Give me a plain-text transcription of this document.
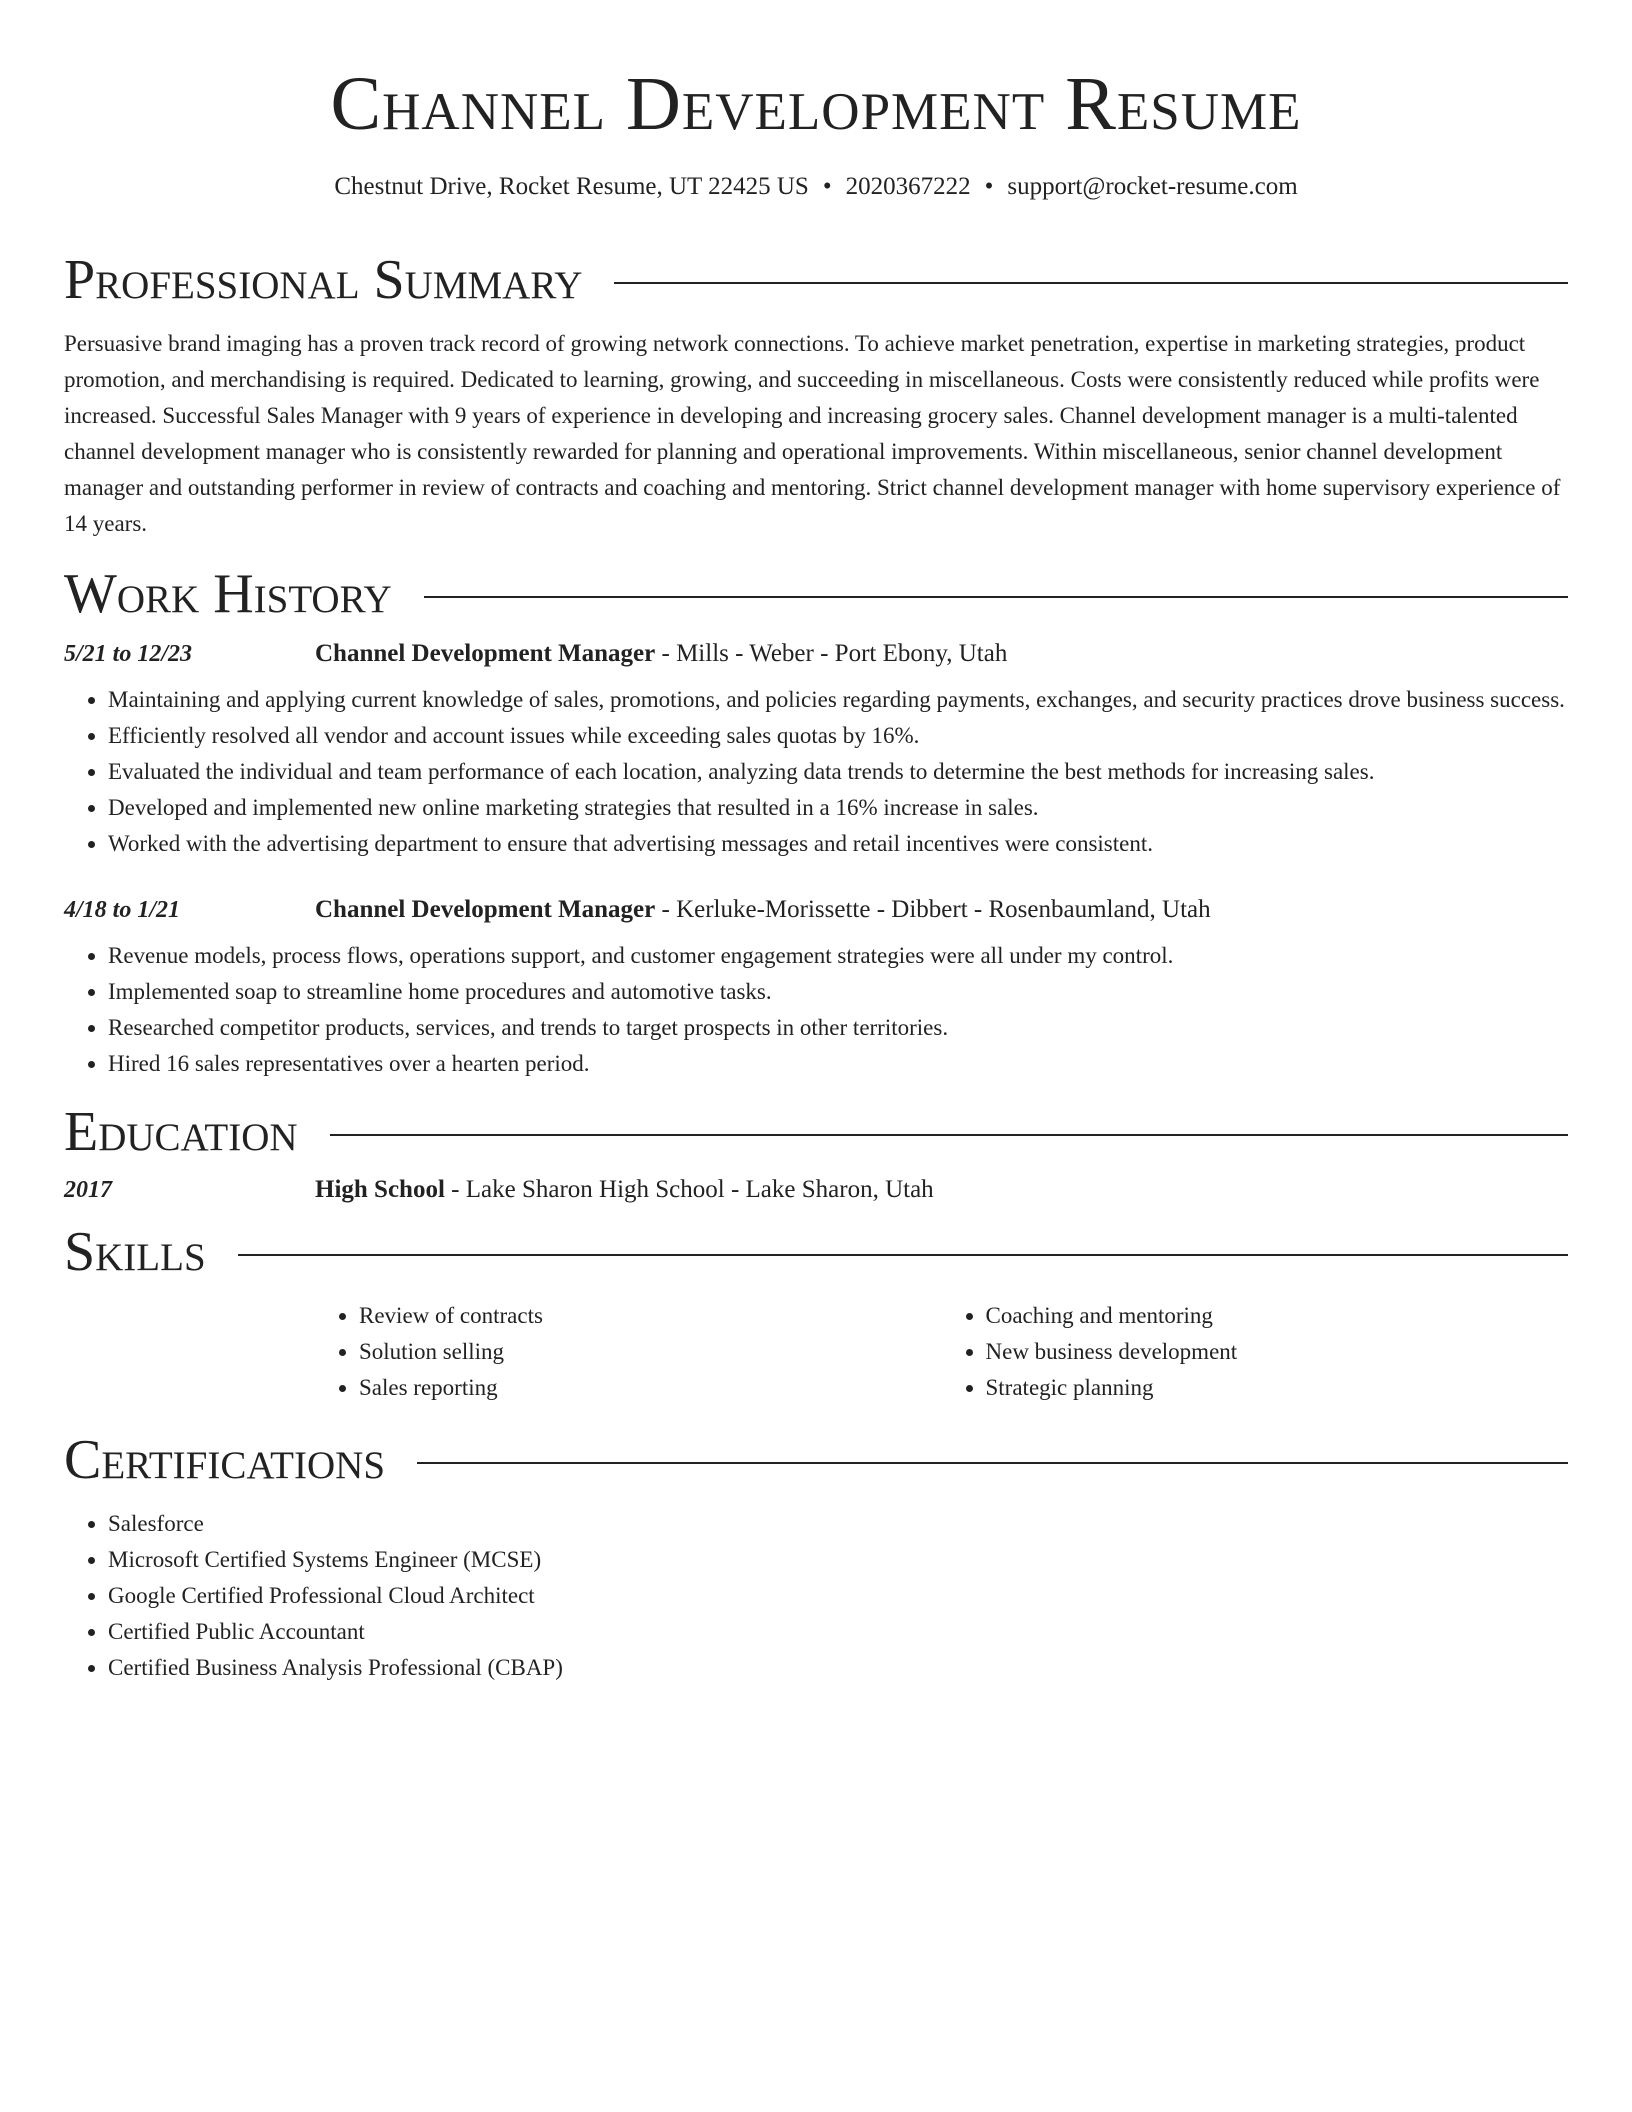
Channel Development Resume
Chestnut Drive, Rocket Resume, UT 22425 US • 2020367222 • support@rocket-resume.com
Professional Summary

Persuasive brand imaging has a proven track record of growing network connections. To achieve market penetration, expertise in marketing strategies, product promotion, and merchandising is required. Dedicated to learning, growing, and succeeding in miscellaneous. Costs were consistently reduced while profits were increased. Successful Sales Manager with 9 years of experience in developing and increasing grocery sales. Channel development manager is a multi-talented channel development manager who is consistently rewarded for planning and operational improvements. Within miscellaneous, senior channel development manager and outstanding performer in review of contracts and coaching and mentoring. Strict channel development manager with home supervisory experience of 14 years.

Work History
5/21 to 12/23	Channel Development Manager - Mills - Weber - Port Ebony, Utah
• Maintaining and applying current knowledge of sales, promotions, and policies regarding payments, exchanges, and security practices drove business success.
• Efficiently resolved all vendor and account issues while exceeding sales quotas by 16%.
• Evaluated the individual and team performance of each location, analyzing data trends to determine the best methods for increasing sales.
• Developed and implemented new online marketing strategies that resulted in a 16% increase in sales.
• Worked with the advertising department to ensure that advertising messages and retail incentives were consistent.
4/18 to 1/21	Channel Development Manager - Kerluke-Morissette - Dibbert - Rosenbaumland, Utah
• Revenue models, process flows, operations support, and customer engagement strategies were all under my control.
• Implemented soap to streamline home procedures and automotive tasks.
• Researched competitor products, services, and trends to target prospects in other territories.
• Hired 16 sales representatives over a hearten period.
Education
2017	High School - Lake Sharon High School - Lake Sharon, Utah
Skills
• Review of contracts
• Solution selling
• Sales reporting
• Coaching and mentoring
• New business development
• Strategic planning
Certifications
• Salesforce
• Microsoft Certified Systems Engineer (MCSE)
• Google Certified Professional Cloud Architect
• Certified Public Accountant
• Certified Business Analysis Professional (CBAP)
